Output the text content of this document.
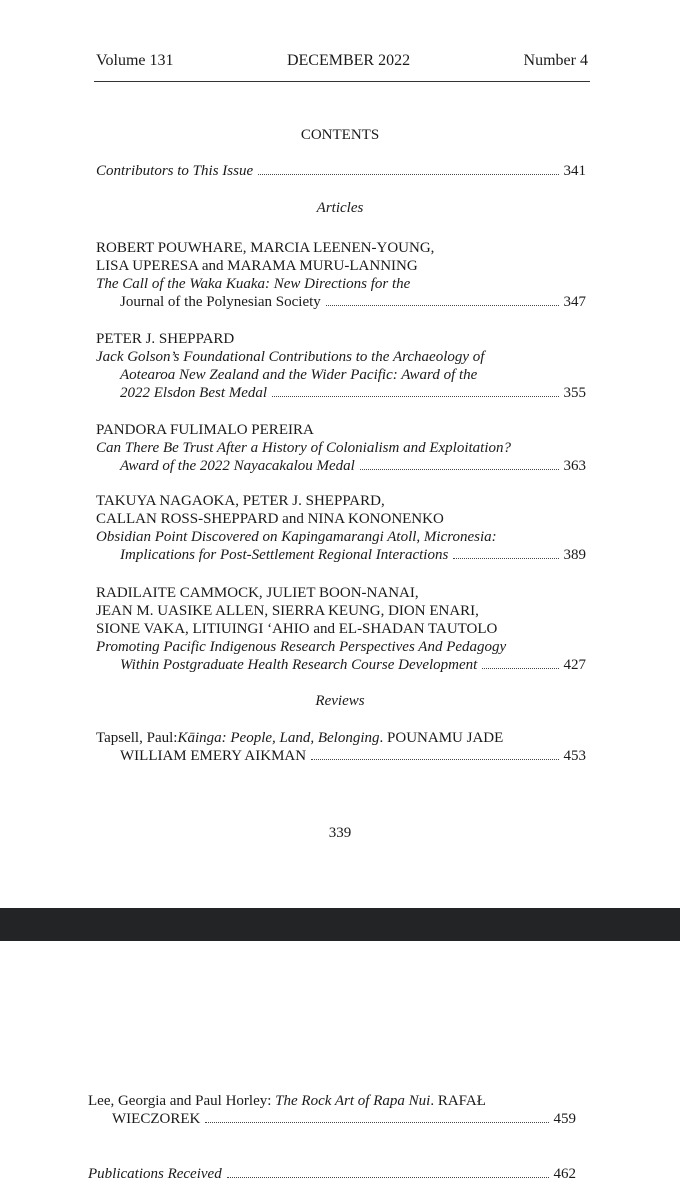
Volume 131	DECEMBER 2022	Number 4
CONTENTS
Contributors to This Issue	341
Articles
ROBERT POUWHARE, MARCIA LEENEN-YOUNG,
LISA UPERESA and MARAMA MURU-LANNING
The Call of the Waka Kuaka: New Directions for the
Journal of the Polynesian Society	347
PETER J. SHEPPARD
Jack Golson’s Foundational Contributions to the Archaeology of
Aotearoa New Zealand and the Wider Pacific: Award of the
2022 Elsdon Best Medal	355
PANDORA FULIMALO PEREIRA
Can There Be Trust After a History of Colonialism and Exploitation?
Award of the 2022 Nayacakalou Medal	363
TAKUYA NAGAOKA, PETER J. SHEPPARD,
CALLAN ROSS-SHEPPARD and NINA KONONENKO
Obsidian Point Discovered on Kapingamarangi Atoll, Micronesia:
Implications for Post-Settlement Regional Interactions	389
RADILAITE CAMMOCK, JULIET BOON-NANAI,
JEAN M. UASIKE ALLEN, SIERRA KEUNG, DION ENARI,
SIONE VAKA, LITIUINGI ‘AHIO and EL-SHADAN TAUTOLO
Promoting Pacific Indigenous Research Perspectives And Pedagogy
Within Postgraduate Health Research Course Development	427
Reviews
Tapsell, Paul: Kāinga: People, Land, Belonging . POUNAMU JADE
WILLIAM EMERY AIKMAN	453
339
Lee, Georgia and Paul Horley: The Rock Art of Rapa Nui . RAFAŁ
WIECZOREK	459
Publications Received	462
